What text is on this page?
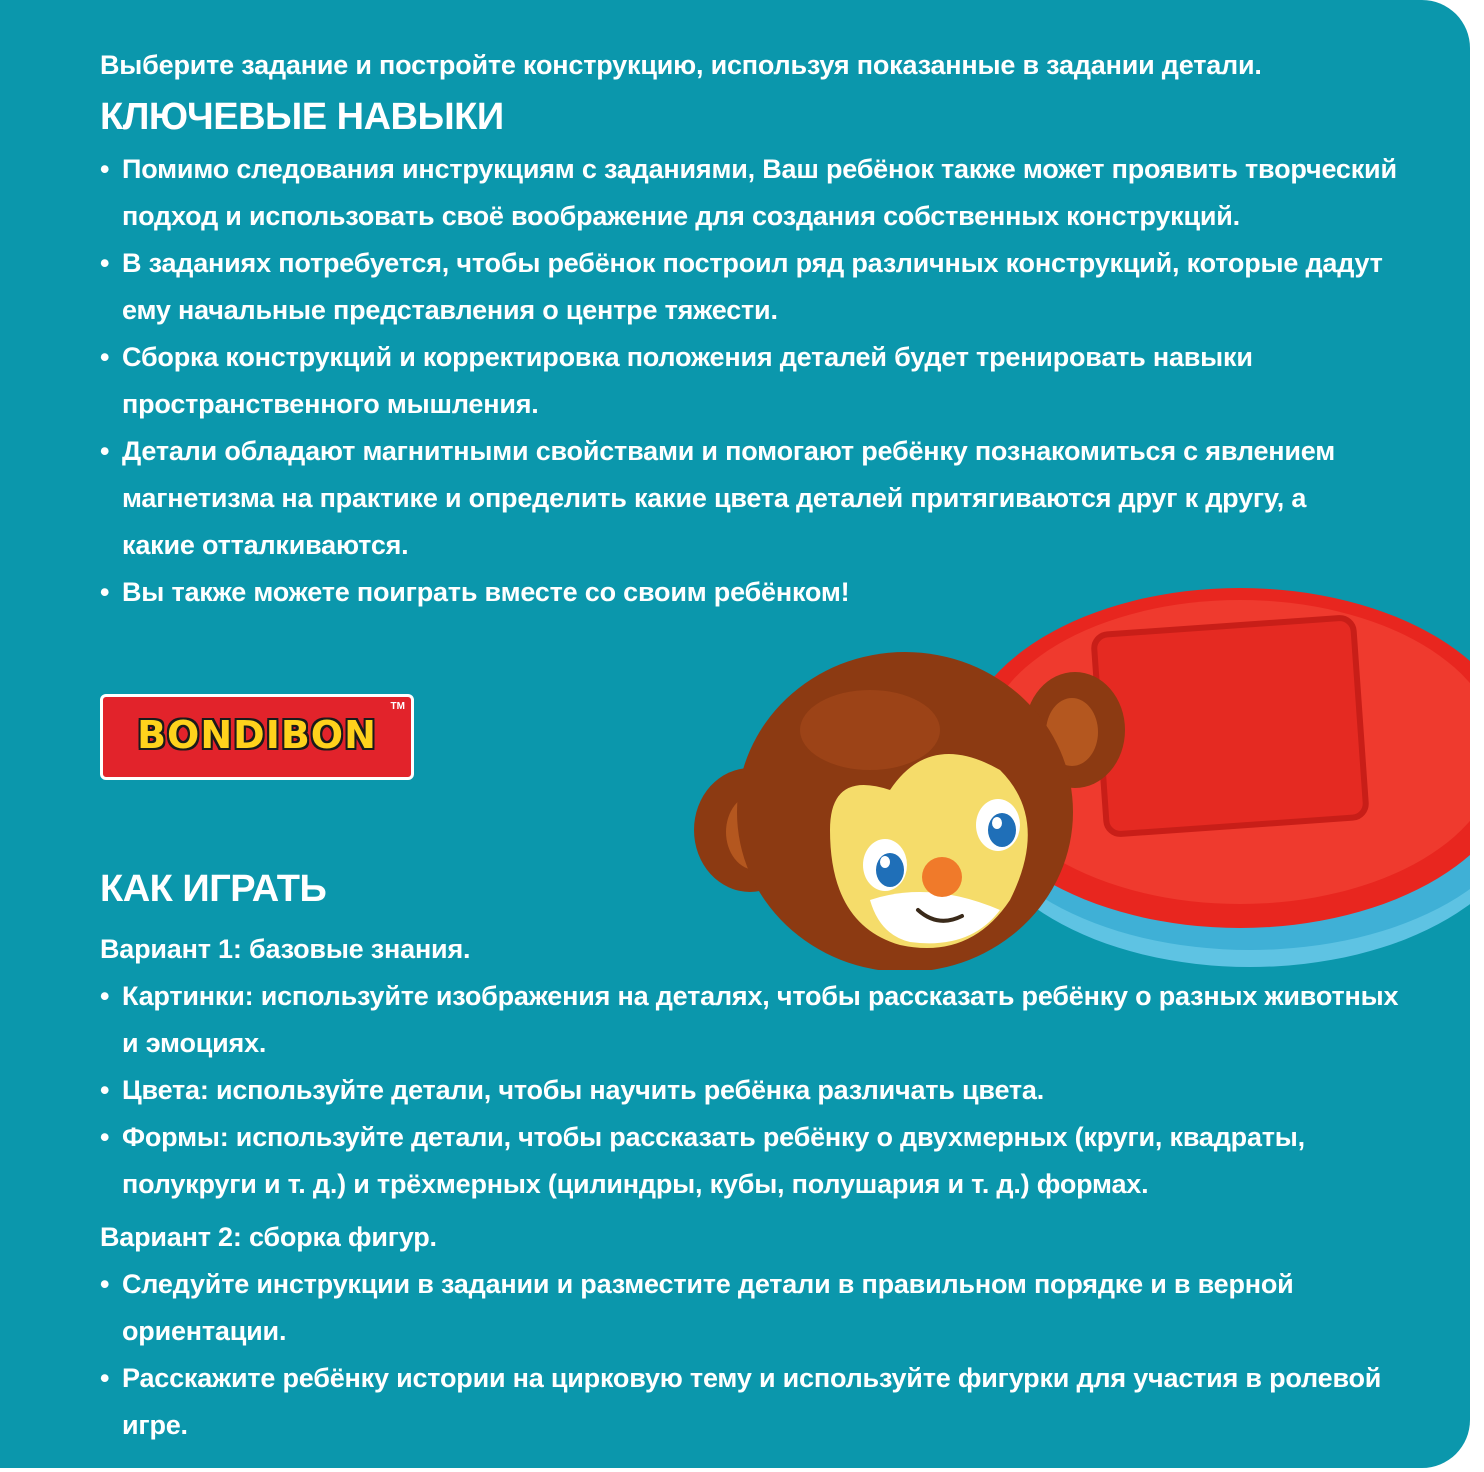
Выберите задание и постройте конструкцию, используя показанные в задании детали.
КЛЮЧЕВЫЕ НАВЫКИ
• Помимо следования инструкциям с заданиями, Ваш ребёнок также может проявить творческий
подход и использовать своё воображение для создания собственных конструкций.
• В заданиях потребуется, чтобы ребёнок построил ряд различных конструкций, которые дадут
ему начальные представления о центре тяжести.
• Сборка конструкций и корректировка положения деталей будет тренировать навыки
пространственного мышления.
• Детали обладают магнитными свойствами и помогают ребёнку познакомиться с явлением
магнетизма на практике и определить какие цвета деталей притягиваются друг к другу, а
какие отталкиваются.
• Вы также можете поиграть вместе со своим ребёнком!
BONDIBON
TM
КАК ИГРАТЬ
Вариант 1: базовые знания.
• Картинки: используйте изображения на деталях, чтобы рассказать ребёнку о разных животных
и эмоциях.
• Цвета: используйте детали, чтобы научить ребёнка различать цвета.
• Формы: используйте детали, чтобы рассказать ребёнку о двухмерных (круги, квадраты,
полукруги и т. д.) и трёхмерных (цилиндры, кубы, полушария и т. д.) формах.
Вариант 2: сборка фигур.
• Следуйте инструкции в задании и разместите детали в правильном порядке и в верной
ориентации.
• Расскажите ребёнку истории на цирковую тему и используйте фигурки для участия в ролевой
игре.
